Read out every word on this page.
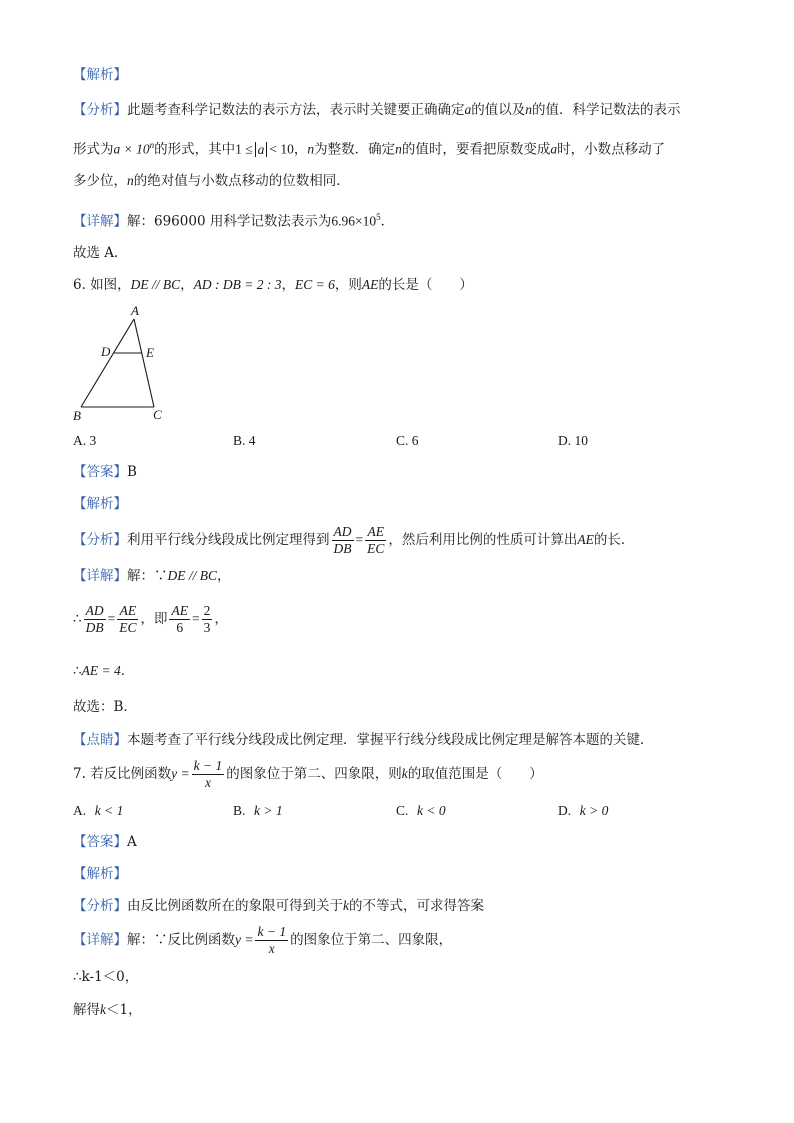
【解析】
【分析】此题考查科学记数法的表示方法，表示时关键要正确确定a的值以及n的值．科学记数法的表示
形式为$a \times 10^n$的形式，其中1 ≤ a < 10，n为整数．确定n的值时，要看把原数变成a时，小数点移动了
多少位，n的绝对值与小数点移动的位数相同．
【详解】解：696000 用科学记数法表示为$6.96\times 10^5$．
故选 A．
6. 如图，DE // BC，AD : DB = 2 : 3，EC = 6，则AE的长是（　　）
A
D	E
B	C
A. 3	B. 4	C. 6	D. 10
【答案】B
【解析】
【分析】利用平行线分线段成比例定理得到 $\frac{AD}{DB} = \frac{AE}{EC}$ ，然后利用比例的性质可计算出AE的长．
【详解】解：∵DE // BC，
∴ $\frac{AD}{DB} = \frac{AE}{EC}$ ，即 $\frac{AE}{6} = \frac{2}{3}$ ，
∴AE = 4．
故选：B．
【点睛】本题考查了平行线分线段成比例定理．掌握平行线分线段成比例定理是解答本题的关键．
7. 若反比例函数$y = \frac{k - 1}{x}$ 的图象位于第二、四象限，则k的取值范围是（　　）
A. k < 1	B. k > 1	C. k < 0	D. k > 0
【答案】A
【解析】
【分析】由反比例函数所在的象限可得到关于k的不等式，可求得答案
【详解】解：∵反比例函数$y = \frac{k - 1}{x}$ 的图象位于第二、四象限，
∴k-1＜0，
解得k＜1，
